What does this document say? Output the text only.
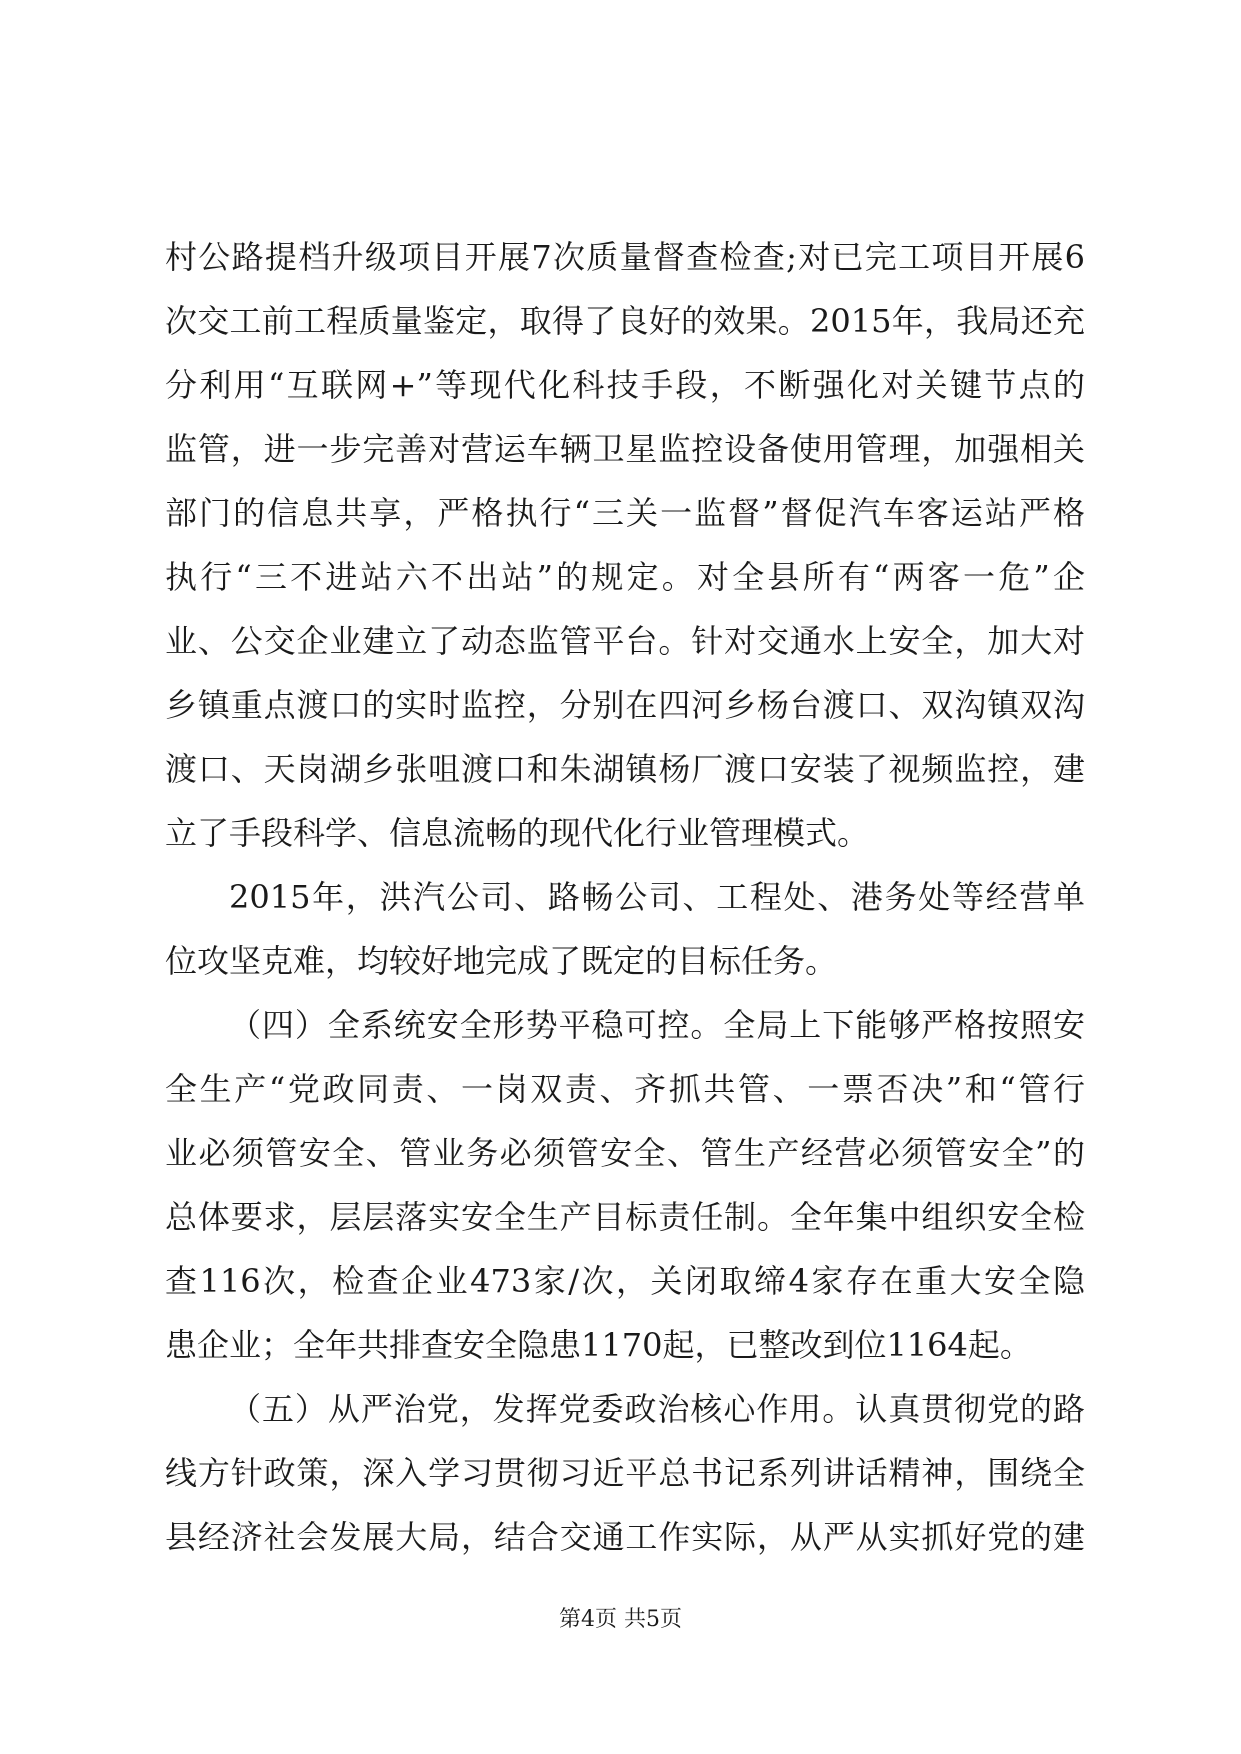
村公路提档升级项目开展7次质量督查检查;对已完工项目开展6
次交工前工程质量鉴定，取得了良好的效果。2015年，我局还充
分利用“互联网+”等现代化科技手段，不断强化对关键节点的
监管，进一步完善对营运车辆卫星监控设备使用管理，加强相关
部门的信息共享，严格执行“三关一监督”督促汽车客运站严格
执行“三不进站六不出站”的规定。对全县所有“两客一危”企
业、公交企业建立了动态监管平台。针对交通水上安全，加大对
乡镇重点渡口的实时监控，分别在四河乡杨台渡口、双沟镇双沟
渡口、天岗湖乡张咀渡口和朱湖镇杨厂渡口安装了视频监控，建
立了手段科学、信息流畅的现代化行业管理模式。
2015年，洪汽公司、路畅公司、工程处、港务处等经营单
位攻坚克难，均较好地完成了既定的目标任务。
（四）全系统安全形势平稳可控。全局上下能够严格按照安
全生产“党政同责、一岗双责、齐抓共管、一票否决”和“管行
业必须管安全、管业务必须管安全、管生产经营必须管安全”的
总体要求，层层落实安全生产目标责任制。全年集中组织安全检
查116次，检查企业473家/次，关闭取缔4家存在重大安全隐
患企业；全年共排查安全隐患1170起，已整改到位1164起。
（五）从严治党，发挥党委政治核心作用。认真贯彻党的路
线方针政策，深入学习贯彻习近平总书记系列讲话精神，围绕全
县经济社会发展大局，结合交通工作实际，从严从实抓好党的建
第4页 共5页
